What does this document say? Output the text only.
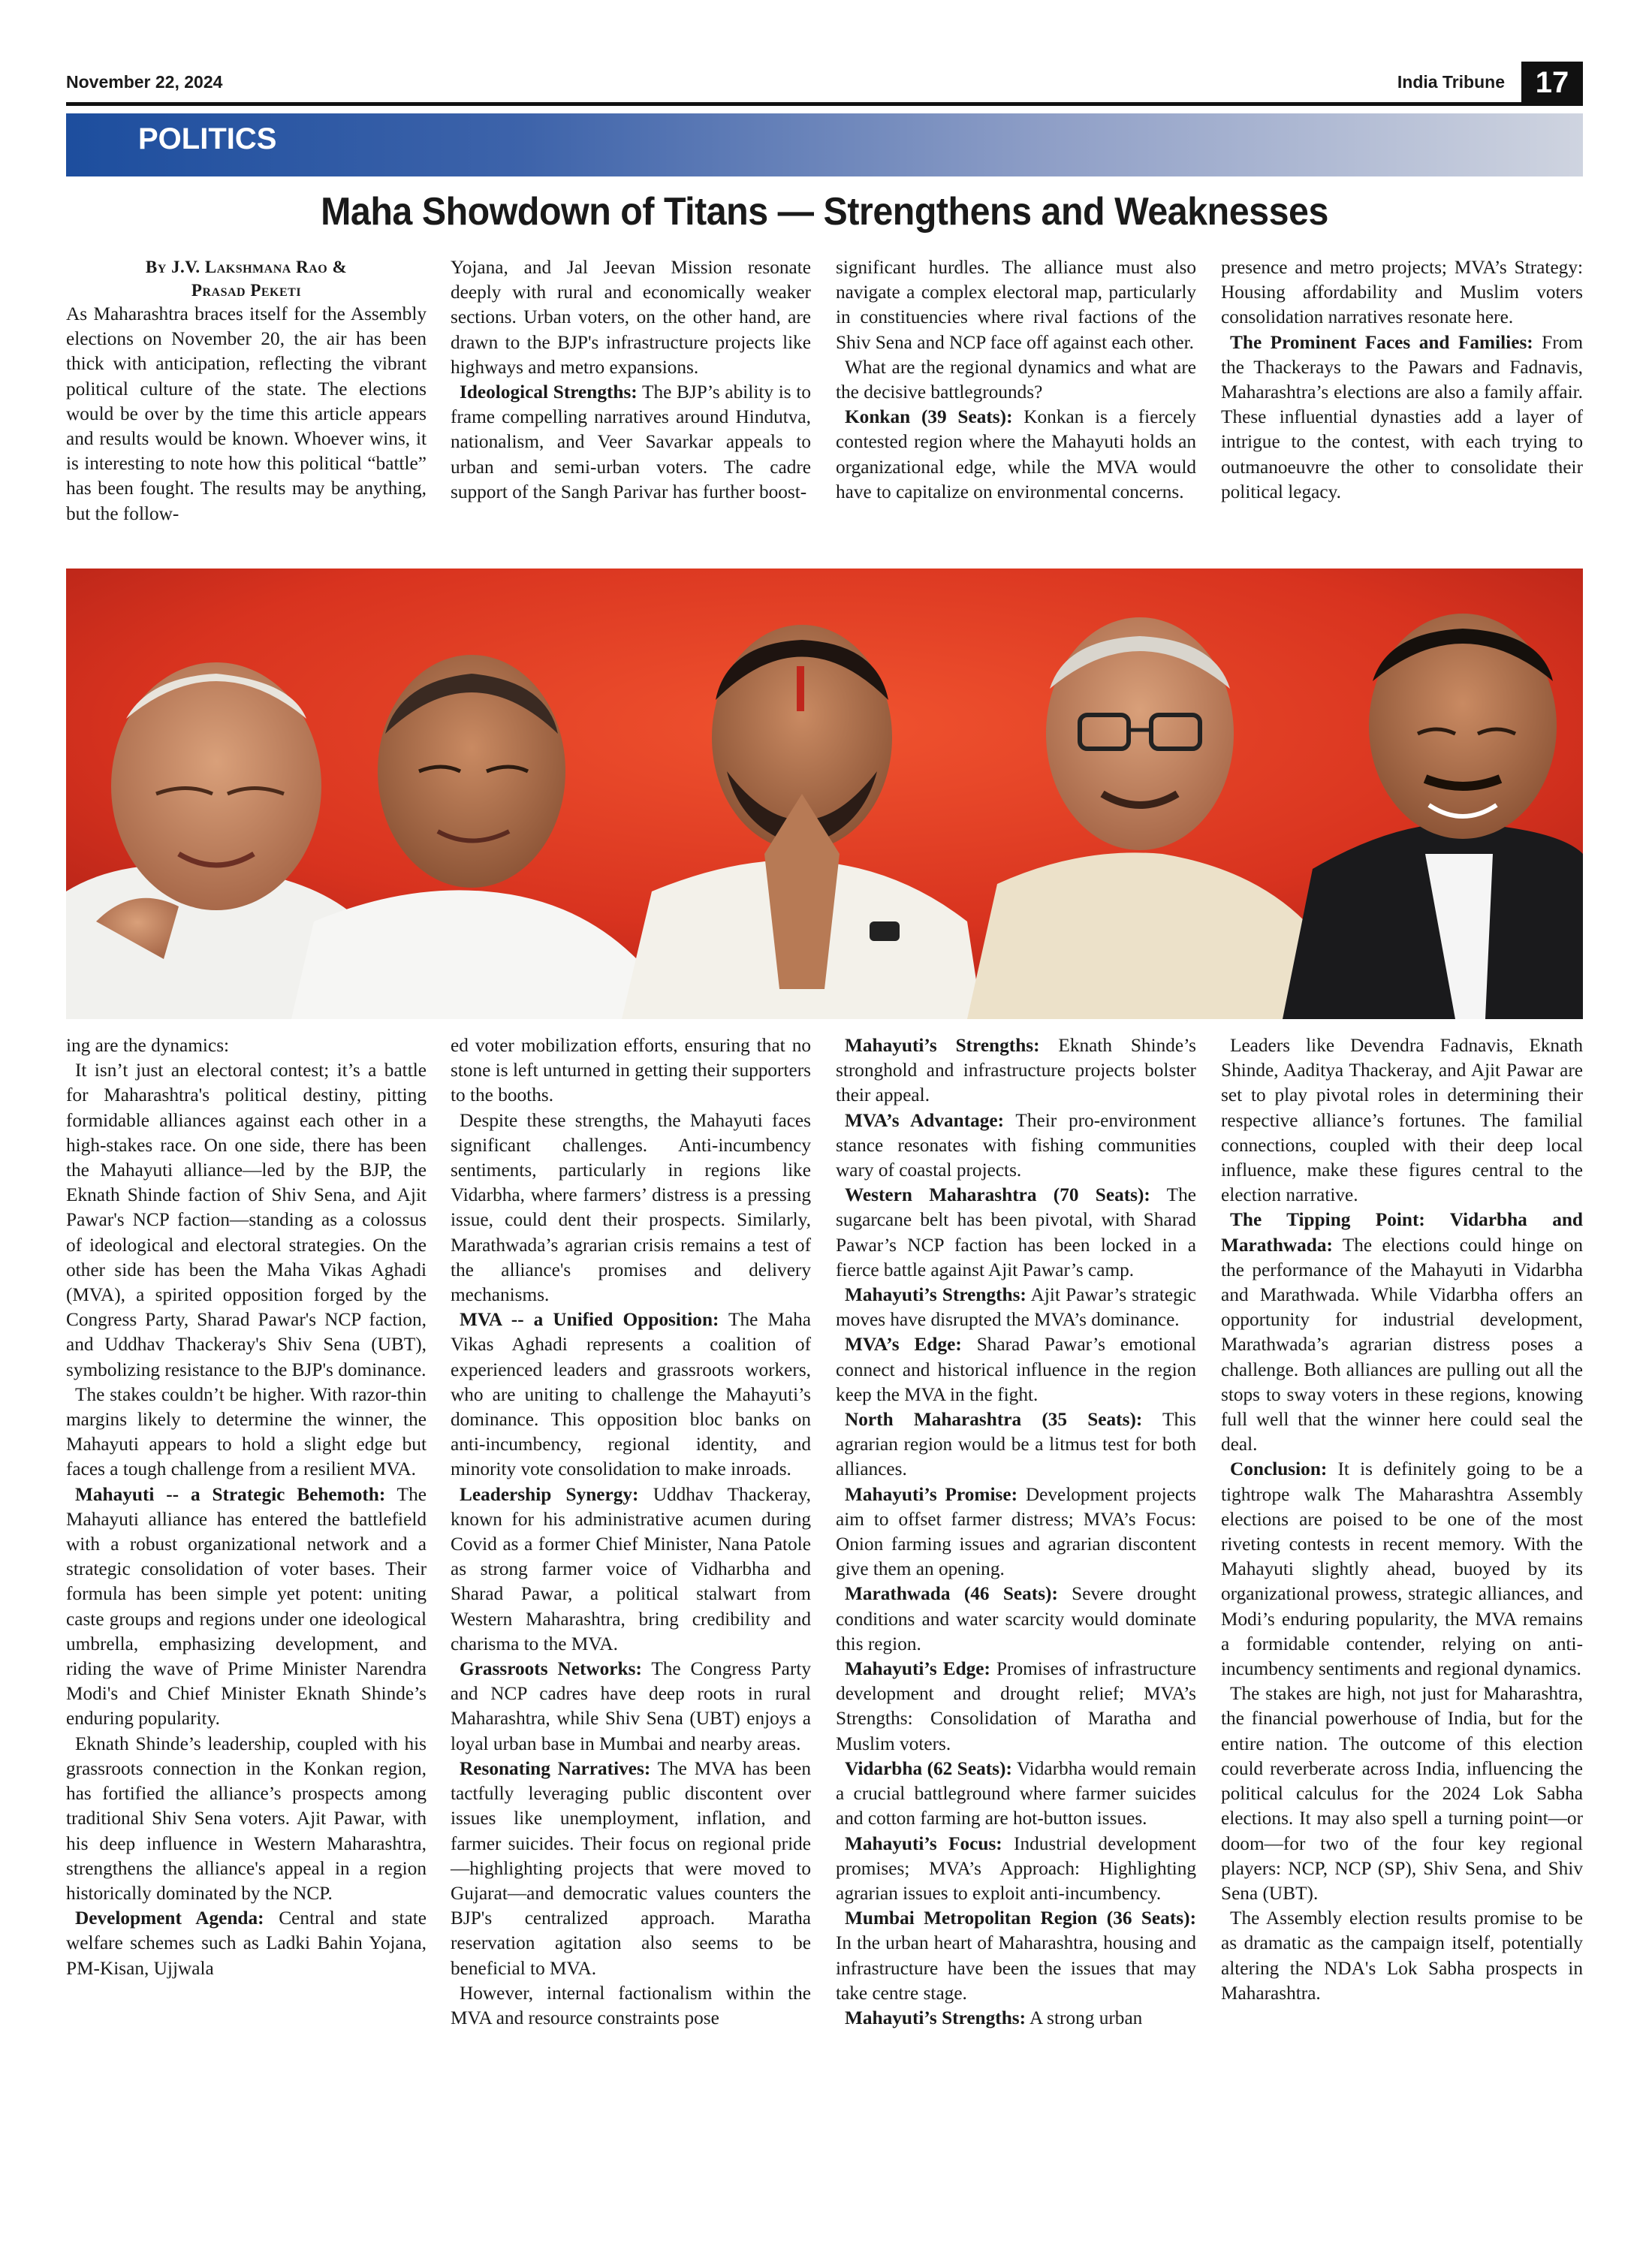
November 22, 2024	India Tribune	17
POLITICS
Maha Showdown of Titans — Strengthens and Weaknesses
By J.V. Lakshmana Rao &
Prasad Peketi

As Maharashtra braces itself for the Assembly elections on November 20, the air has been thick with anticipation, reflecting the vibrant political culture of the state. The elections would be over by the time this article appears and results would be known. Whoever wins, it is interesting to note how this political “battle” has been fought. The results may be anything, but the follow-

Yojana, and Jal Jeevan Mission resonate deeply with rural and economically weaker sections. Urban voters, on the other hand, are drawn to the BJP's infrastructure projects like highways and metro expansions.

Ideological Strengths: The BJP’s ability is to frame compelling narratives around Hindutva, nationalism, and Veer Savarkar appeals to urban and semi-urban voters. The cadre support of the Sangh Parivar has further boost-

significant hurdles. The alliance must also navigate a complex electoral map, particularly in constituencies where rival factions of the Shiv Sena and NCP face off against each other.

What are the regional dynamics and what are the decisive battlegrounds?

Konkan (39 Seats): Konkan is a fiercely contested region where the Mahayuti holds an organizational edge, while the MVA would have to capitalize on environmental concerns.

presence and metro projects; MVA’s Strategy: Housing affordability and Muslim voters consolidation narratives resonate here.

The Prominent Faces and Families: From the Thackerays to the Pawars and Fadnavis, Maharashtra’s elections are also a family affair. These influential dynasties add a layer of intrigue to the contest, with each trying to outmanoeuvre the other to consolidate their political legacy.

ing are the dynamics:

It isn’t just an electoral contest; it’s a battle for Maharashtra's political destiny, pitting formidable alliances against each other in a high-stakes race. On one side, there has been the Mahayuti alliance—led by the BJP, the Eknath Shinde faction of Shiv Sena, and Ajit Pawar's NCP faction—standing as a colossus of ideological and electoral strategies. On the other side has been the Maha Vikas Aghadi (MVA), a spirited opposition forged by the Congress Party, Sharad Pawar's NCP faction, and Uddhav Thackeray's Shiv Sena (UBT), symbolizing resistance to the BJP's dominance.

The stakes couldn’t be higher. With razor-thin margins likely to determine the winner, the Mahayuti appears to hold a slight edge but faces a tough challenge from a resilient MVA.

Mahayuti -- a Strategic Behemoth: The Mahayuti alliance has entered the battlefield with a robust organizational network and a strategic consolidation of voter bases. Their formula has been simple yet potent: uniting caste groups and regions under one ideological umbrella, emphasizing development, and riding the wave of Prime Minister Narendra Modi's and Chief Minister Eknath Shinde’s enduring popularity.

Eknath Shinde’s leadership, coupled with his grassroots connection in the Konkan region, has fortified the alliance’s prospects among traditional Shiv Sena voters. Ajit Pawar, with his deep influence in Western Maharashtra, strengthens the alliance's appeal in a region historically dominated by the NCP.

Development Agenda: Central and state welfare schemes such as Ladki Bahin Yojana, PM-Kisan, Ujjwala

ed voter mobilization efforts, ensuring that no stone is left unturned in getting their supporters to the booths.

Despite these strengths, the Mahayuti faces significant challenges. Anti-incumbency sentiments, particularly in regions like Vidarbha, where farmers’ distress is a pressing issue, could dent their prospects. Similarly, Marathwada’s agrarian crisis remains a test of the alliance's promises and delivery mechanisms.

MVA -- a Unified Opposition: The Maha Vikas Aghadi represents a coalition of experienced leaders and grassroots workers, who are uniting to challenge the Mahayuti’s dominance. This opposition bloc banks on anti-incumbency, regional identity, and minority vote consolidation to make inroads.

Leadership Synergy: Uddhav Thackeray, known for his administrative acumen during Covid as a former Chief Minister, Nana Patole as strong farmer voice of Vidharbha and Sharad Pawar, a political stalwart from Western Maharashtra, bring credibility and charisma to the MVA.

Grassroots Networks: The Congress Party and NCP cadres have deep roots in rural Maharashtra, while Shiv Sena (UBT) enjoys a loyal urban base in Mumbai and nearby areas.

Resonating Narratives: The MVA has been tactfully leveraging public discontent over issues like unemployment, inflation, and farmer suicides. Their focus on regional pride—highlighting projects that were moved to Gujarat—and democratic values counters the BJP's centralized approach. Maratha reservation agitation also seems to be beneficial to MVA.

However, internal factionalism within the MVA and resource constraints pose

Mahayuti’s Strengths: Eknath Shinde’s stronghold and infrastructure projects bolster their appeal.

MVA’s Advantage: Their pro-environment stance resonates with fishing communities wary of coastal projects.

Western Maharashtra (70 Seats): The sugarcane belt has been pivotal, with Sharad Pawar’s NCP faction has been locked in a fierce battle against Ajit Pawar’s camp.

Mahayuti’s Strengths: Ajit Pawar’s strategic moves have disrupted the MVA’s dominance.

MVA’s Edge: Sharad Pawar’s emotional connect and historical influence in the region keep the MVA in the fight.

North Maharashtra (35 Seats): This agrarian region would be a litmus test for both alliances.

Mahayuti’s Promise: Development projects aim to offset farmer distress; MVA’s Focus: Onion farming issues and agrarian discontent give them an opening.

Marathwada (46 Seats): Severe drought conditions and water scarcity would dominate this region.

Mahayuti’s Edge: Promises of infrastructure development and drought relief; MVA’s Strengths: Consolidation of Maratha and Muslim voters.

Vidarbha (62 Seats): Vidarbha would remain a crucial battleground where farmer suicides and cotton farming are hot-button issues.

Mahayuti’s Focus: Industrial development promises; MVA’s Approach: Highlighting agrarian issues to exploit anti-incumbency.

Mumbai Metropolitan Region (36 Seats): In the urban heart of Maharashtra, housing and infrastructure have been the issues that may take centre stage.

Mahayuti’s Strengths: A strong urban

Leaders like Devendra Fadnavis, Eknath Shinde, Aaditya Thackeray, and Ajit Pawar are set to play pivotal roles in determining their respective alliance’s fortunes. The familial connections, coupled with their deep local influence, make these figures central to the election narrative.

The Tipping Point: Vidarbha and Marathwada: The elections could hinge on the performance of the Mahayuti in Vidarbha and Marathwada. While Vidarbha offers an opportunity for industrial development, Marathwada’s agrarian distress poses a challenge. Both alliances are pulling out all the stops to sway voters in these regions, knowing full well that the winner here could seal the deal.

Conclusion: It is definitely going to be a tightrope walk The Maharashtra Assembly elections are poised to be one of the most riveting contests in recent memory. With the Mahayuti slightly ahead, buoyed by its organizational prowess, strategic alliances, and Modi’s enduring popularity, the MVA remains a formidable contender, relying on anti-incumbency sentiments and regional dynamics.

The stakes are high, not just for Maharashtra, the financial powerhouse of India, but for the entire nation. The outcome of this election could reverberate across India, influencing the political calculus for the 2024 Lok Sabha elections. It may also spell a turning point—or doom—for two of the four key regional players: NCP, NCP (SP), Shiv Sena, and Shiv Sena (UBT).

The Assembly election results promise to be as dramatic as the campaign itself, potentially altering the NDA's Lok Sabha prospects in Maharashtra.
